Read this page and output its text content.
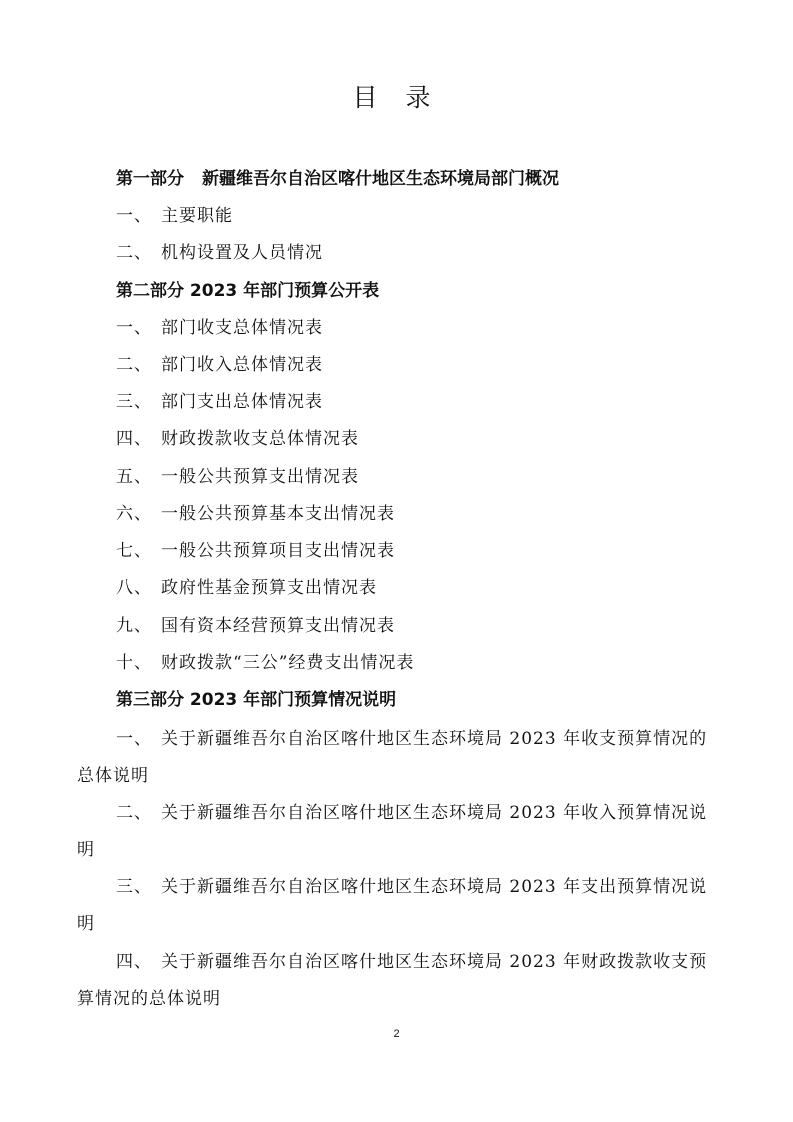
目 录
第一部分 新疆维吾尔自治区喀什地区生态环境局部门概况
一、 主要职能
二、 机构设置及人员情况
第二部分 2023 年部门预算公开表
一、 部门收支总体情况表
二、 部门收入总体情况表
三、 部门支出总体情况表
四、 财政拨款收支总体情况表
五、 一般公共预算支出情况表
六、 一般公共预算基本支出情况表
七、 一般公共预算项目支出情况表
八、 政府性基金预算支出情况表
九、 国有资本经营预算支出情况表
十、 财政拨款“三公”经费支出情况表
第三部分 2023 年部门预算情况说明
一、 关于新疆维吾尔自治区喀什地区生态环境局 2023 年收支预算情况的
总体说明
二、 关于新疆维吾尔自治区喀什地区生态环境局 2023 年收入预算情况说
明
三、 关于新疆维吾尔自治区喀什地区生态环境局 2023 年支出预算情况说
明
四、 关于新疆维吾尔自治区喀什地区生态环境局 2023 年财政拨款收支预
算情况的总体说明
2
